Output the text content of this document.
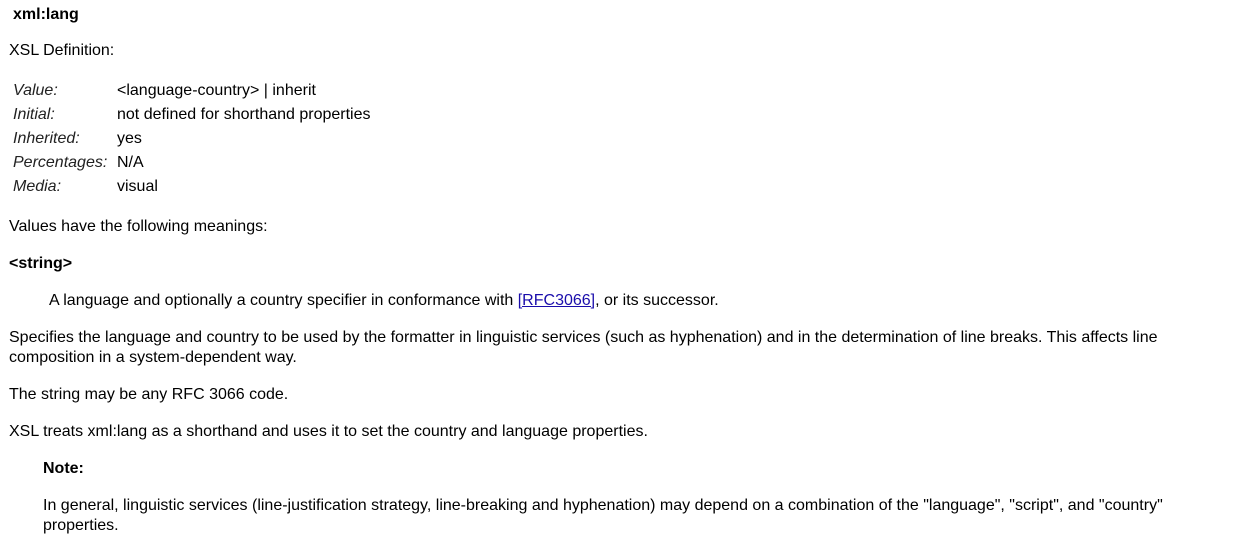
xml:lang
XSL Definition:
Value:	<language-country> | inherit
Initial:	not defined for shorthand properties
Inherited: yes
Percentages: N/A
Media:	visual

Values have the following meanings:

<string>
A language and optionally a country specifier in conformance with [RFC3066], or its successor.

Specifies the language and country to be used by the formatter in linguistic services (such as hyphenation) and in the determination of line breaks. This affects line composition in a system-dependent way.

The string may be any RFC 3066 code.

XSL treats xml:lang as a shorthand and uses it to set the country and language properties.

Note:
In general, linguistic services (line-justification strategy, line-breaking and hyphenation) may depend on a combination of the "language", "script", and "country" properties.
